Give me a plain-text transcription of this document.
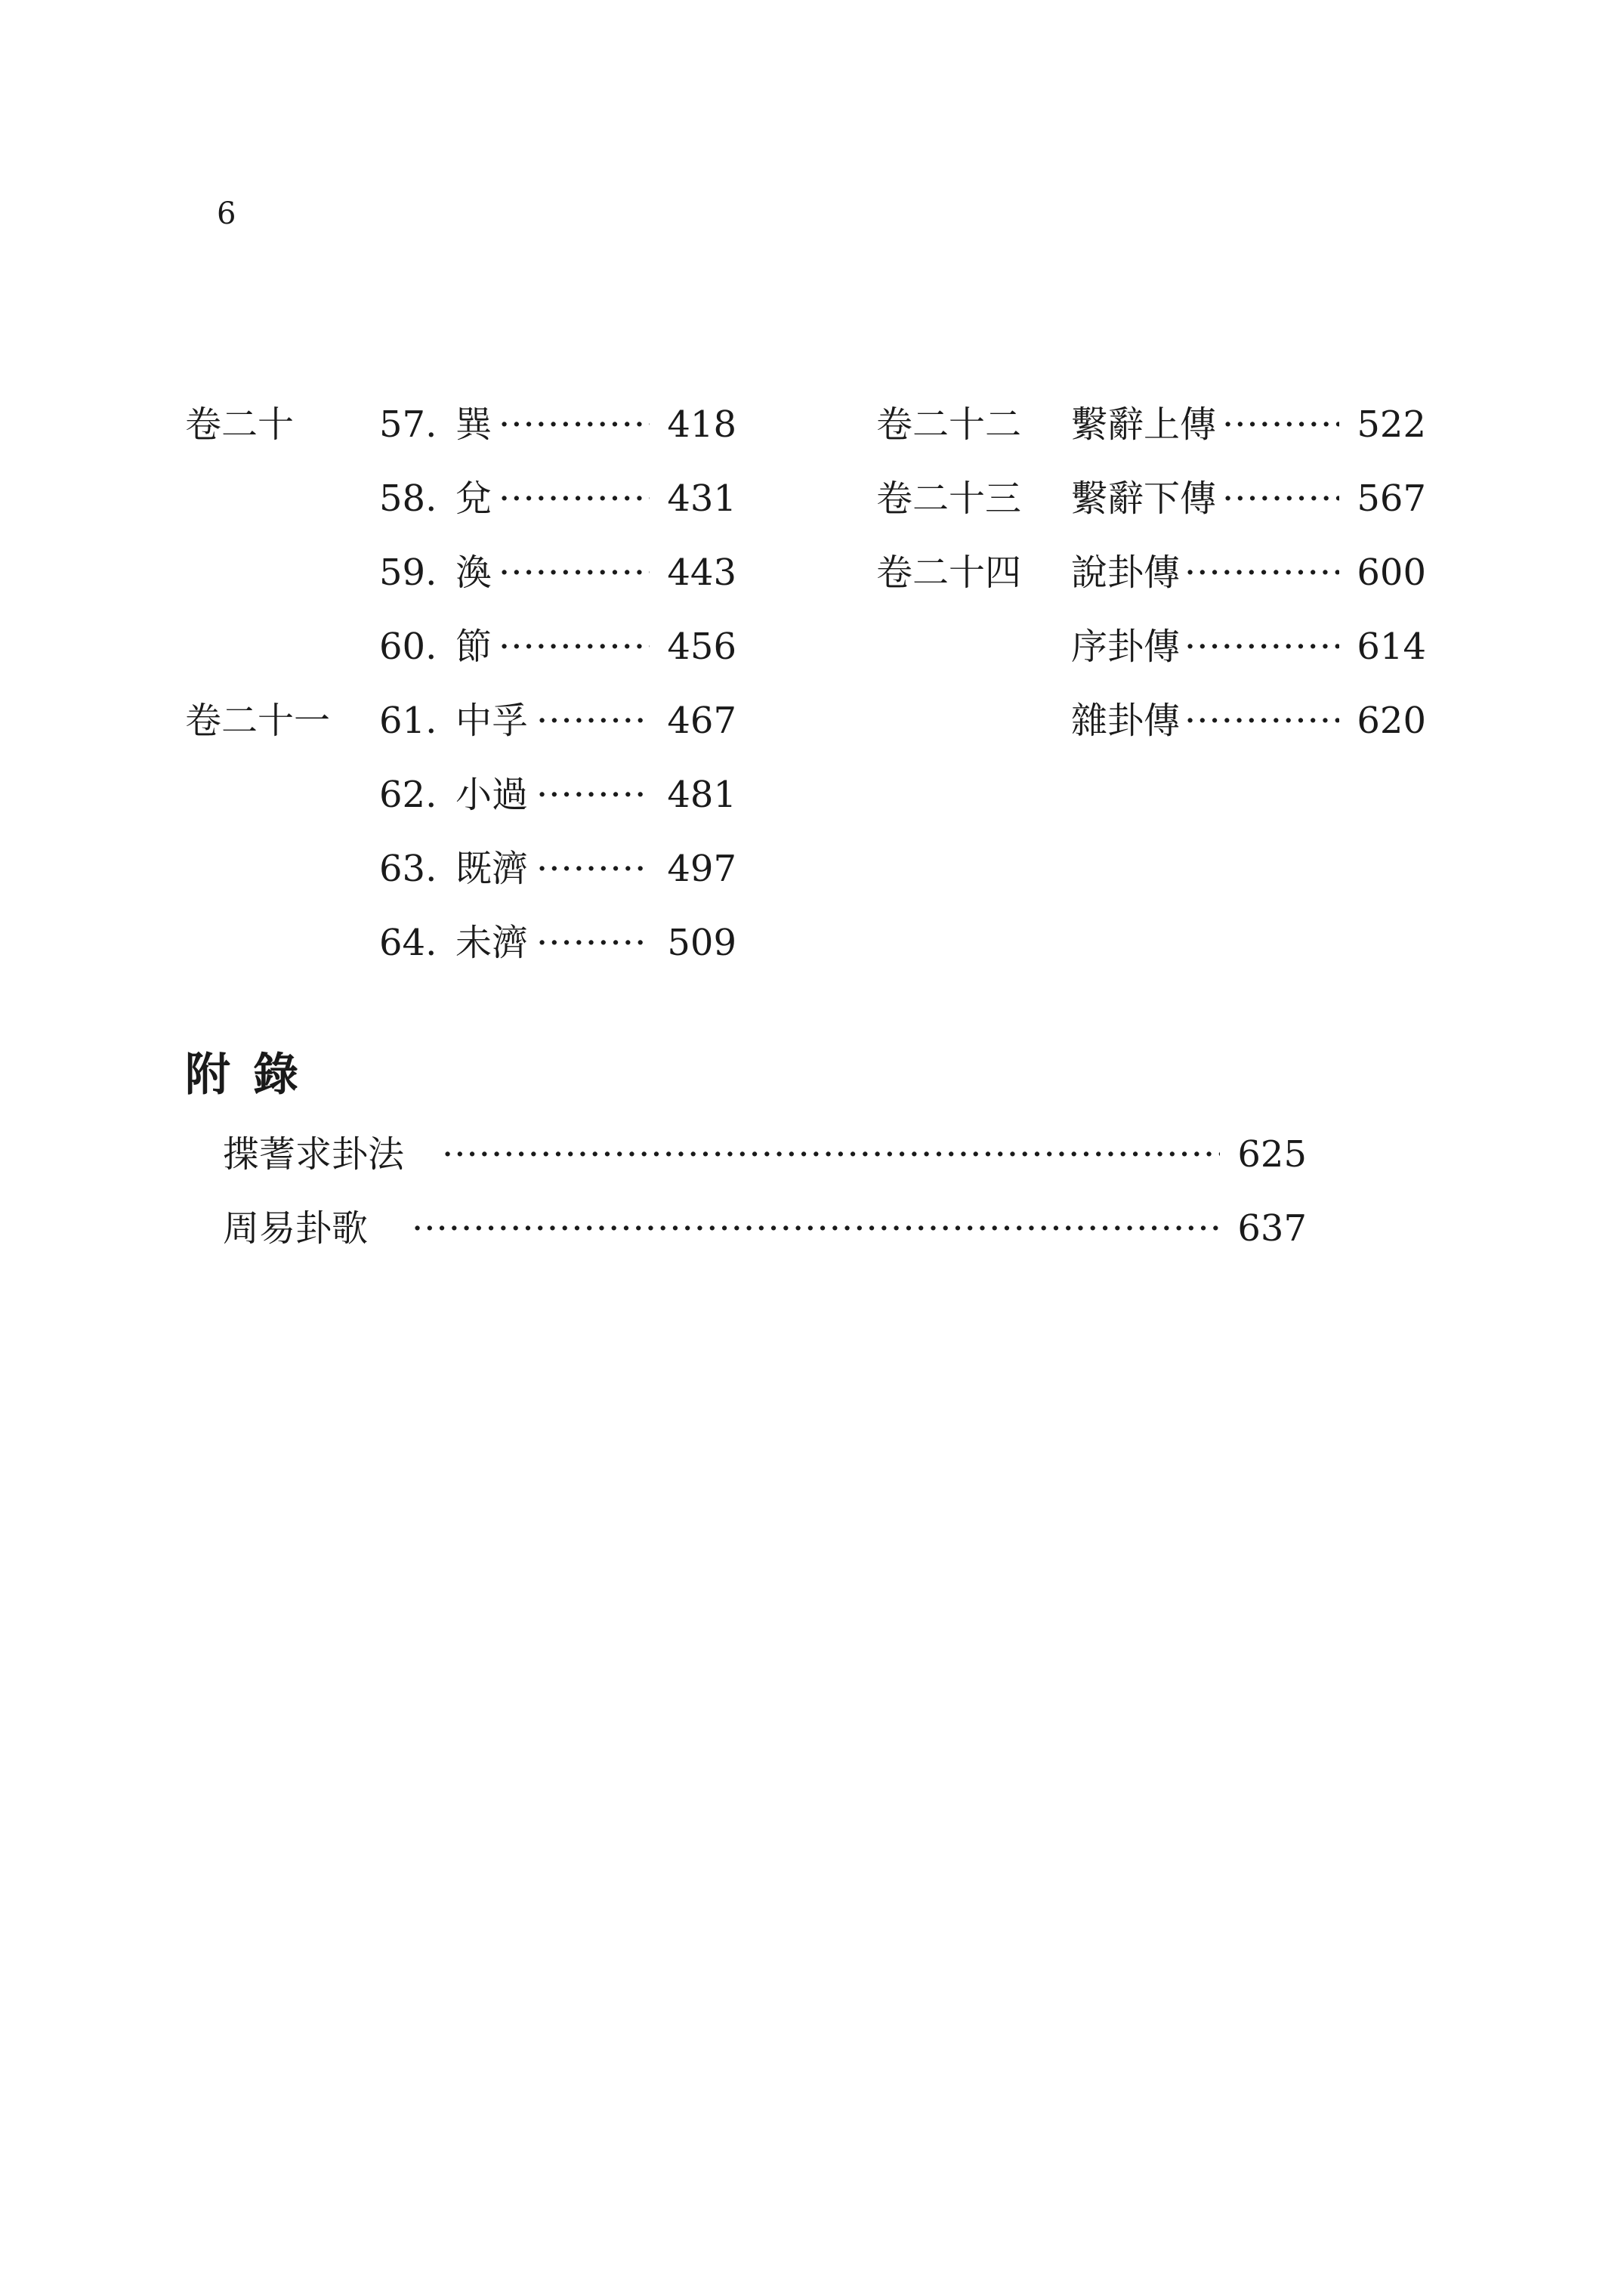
6
卷二十 57. 巽 ·····	418
58. 兌 ·····	431
59. 渙 ·····	443
60. 節 ·····	456
卷二十一 61. 中孚 ·····	467
62. 小過 ·····	481
63. 既濟 ·····	497
64. 未濟 ·····	509
卷二十二 繫辭上傳 ·····	522
卷二十三 繫辭下傳 ·····	567
卷二十四 說卦傳 ·····	600
序卦傳 ·····	614
雜卦傳 ·····	620
附錄
揲蓍求卦法 ·····	625
周易卦歌 ·····	637
